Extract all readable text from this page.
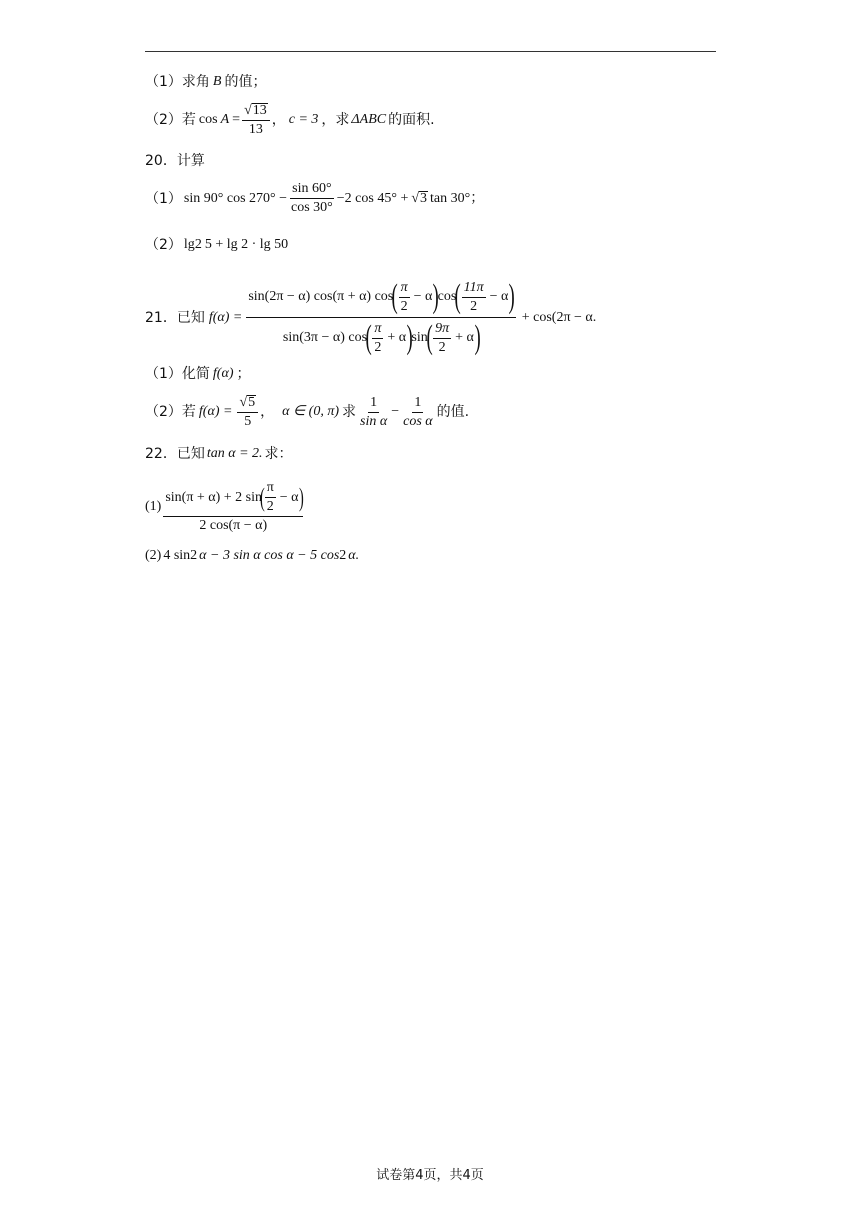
（1）求角 B 的值；
（2）若 $\cos A = \frac{√ 13}{13}$ ， c = 3 ，求 ΔABC 的面积.
20．计算
（1） sin 90° $\cos 270^\circ - \frac{\sin 60^\circ}{\cos 30^\circ} -2$ cos 45° + √ 3 tan 30°；
（2） lg 2 5 + lg 2 · lg 50
21．已知 f(α) =
sin(2π − α) cos(π + α) cos
( $\frac{\pi}{2} - \alpha$ )
cos
( $\frac{11\pi}{2} - \alpha$ )
sin(3π − α) cos
( $\frac{\pi}{2} + \alpha$ )
sin
( $\frac{9\pi}{2} + \alpha$ )
+ cos(2π − α.
（1）化简 f(α) ；
（2）若 $f(\alpha) = \frac{√ 5}{5}$ ， α ∈ (0, π) 求 $\frac{1}{\text{sin α}} - \frac{1}{\text{cos α}}$ 的值.
22．已知 tan α = 2. 求：
(1) sin(π + α) + 2 sin
( $\frac{\pi}{2} - \alpha$ )
2 cos(π − α)
(2) 4 sin 2 α − 3 sin α cos α − 5 cos 2 α.
试卷第4页，共4页
